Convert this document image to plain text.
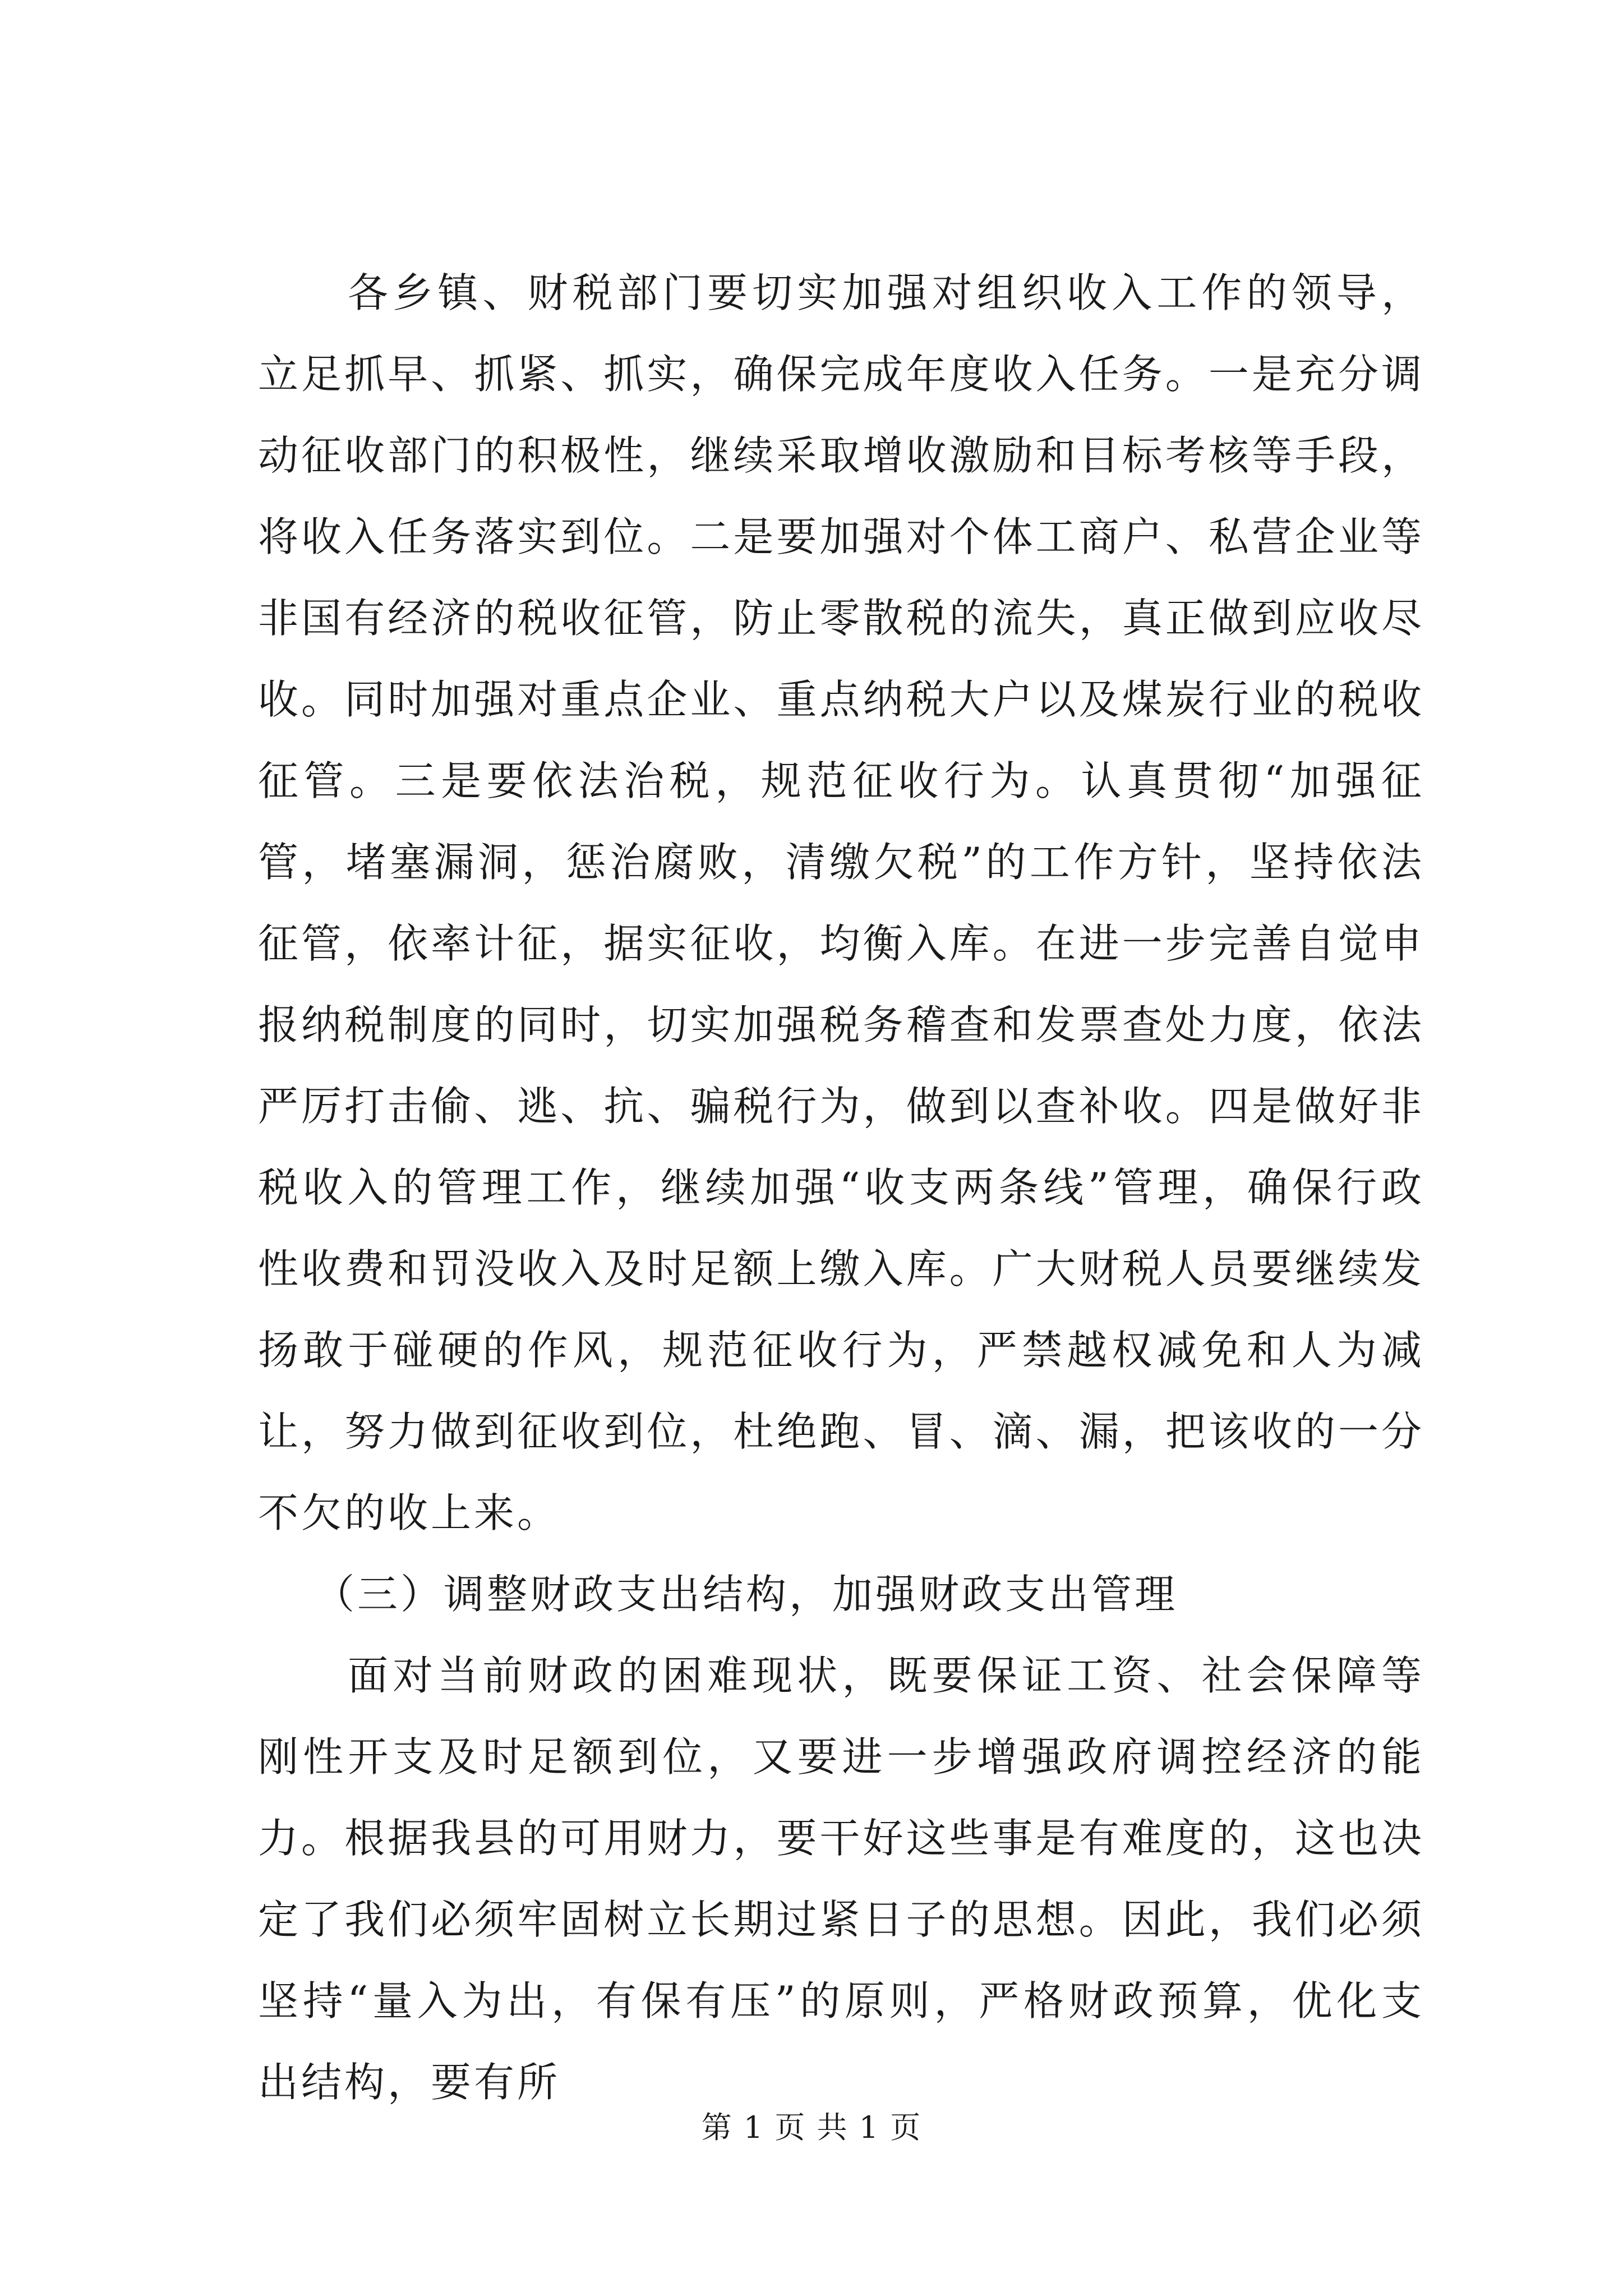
各乡镇、财税部门要切实加强对组织收入工作的领导，立足抓早、抓紧、抓实，确保完成年度收入任务。一是充分调动征收部门的积极性，继续采取增收激励和目标考核等手段，将收入任务落实到位。二是要加强对个体工商户、私营企业等非国有经济的税收征管，防止零散税的流失，真正做到应收尽收。同时加强对重点企业、重点纳税大户以及煤炭行业的税收征管。三是要依法治税，规范征收行为。认真贯彻“加强征管，堵塞漏洞，惩治腐败，清缴欠税”的工作方针，坚持依法征管，依率计征，据实征收，均衡入库。在进一步完善自觉申报纳税制度的同时，切实加强税务稽查和发票查处力度，依法严厉打击偷、逃、抗、骗税行为，做到以查补收。四是做好非税收入的管理工作，继续加强“收支两条线”管理，确保行政性收费和罚没收入及时足额上缴入库。广大财税人员要继续发扬敢于碰硬的作风，规范征收行为，严禁越权减免和人为减让，努力做到征收到位，杜绝跑、冒、滴、漏，把该收的一分不欠的收上来。

（三）调整财政支出结构，加强财政支出管理

面对当前财政的困难现状，既要保证工资、社会保障等刚性开支及时足额到位，又要进一步增强政府调控经济的能力。根据我县的可用财力，要干好这些事是有难度的，这也决定了我们必须牢固树立长期过紧日子的思想。因此，我们必须坚持“量入为出，有保有压”的原则，严格财政预算，优化支出结构，要有所

第 1 页 共 1 页
